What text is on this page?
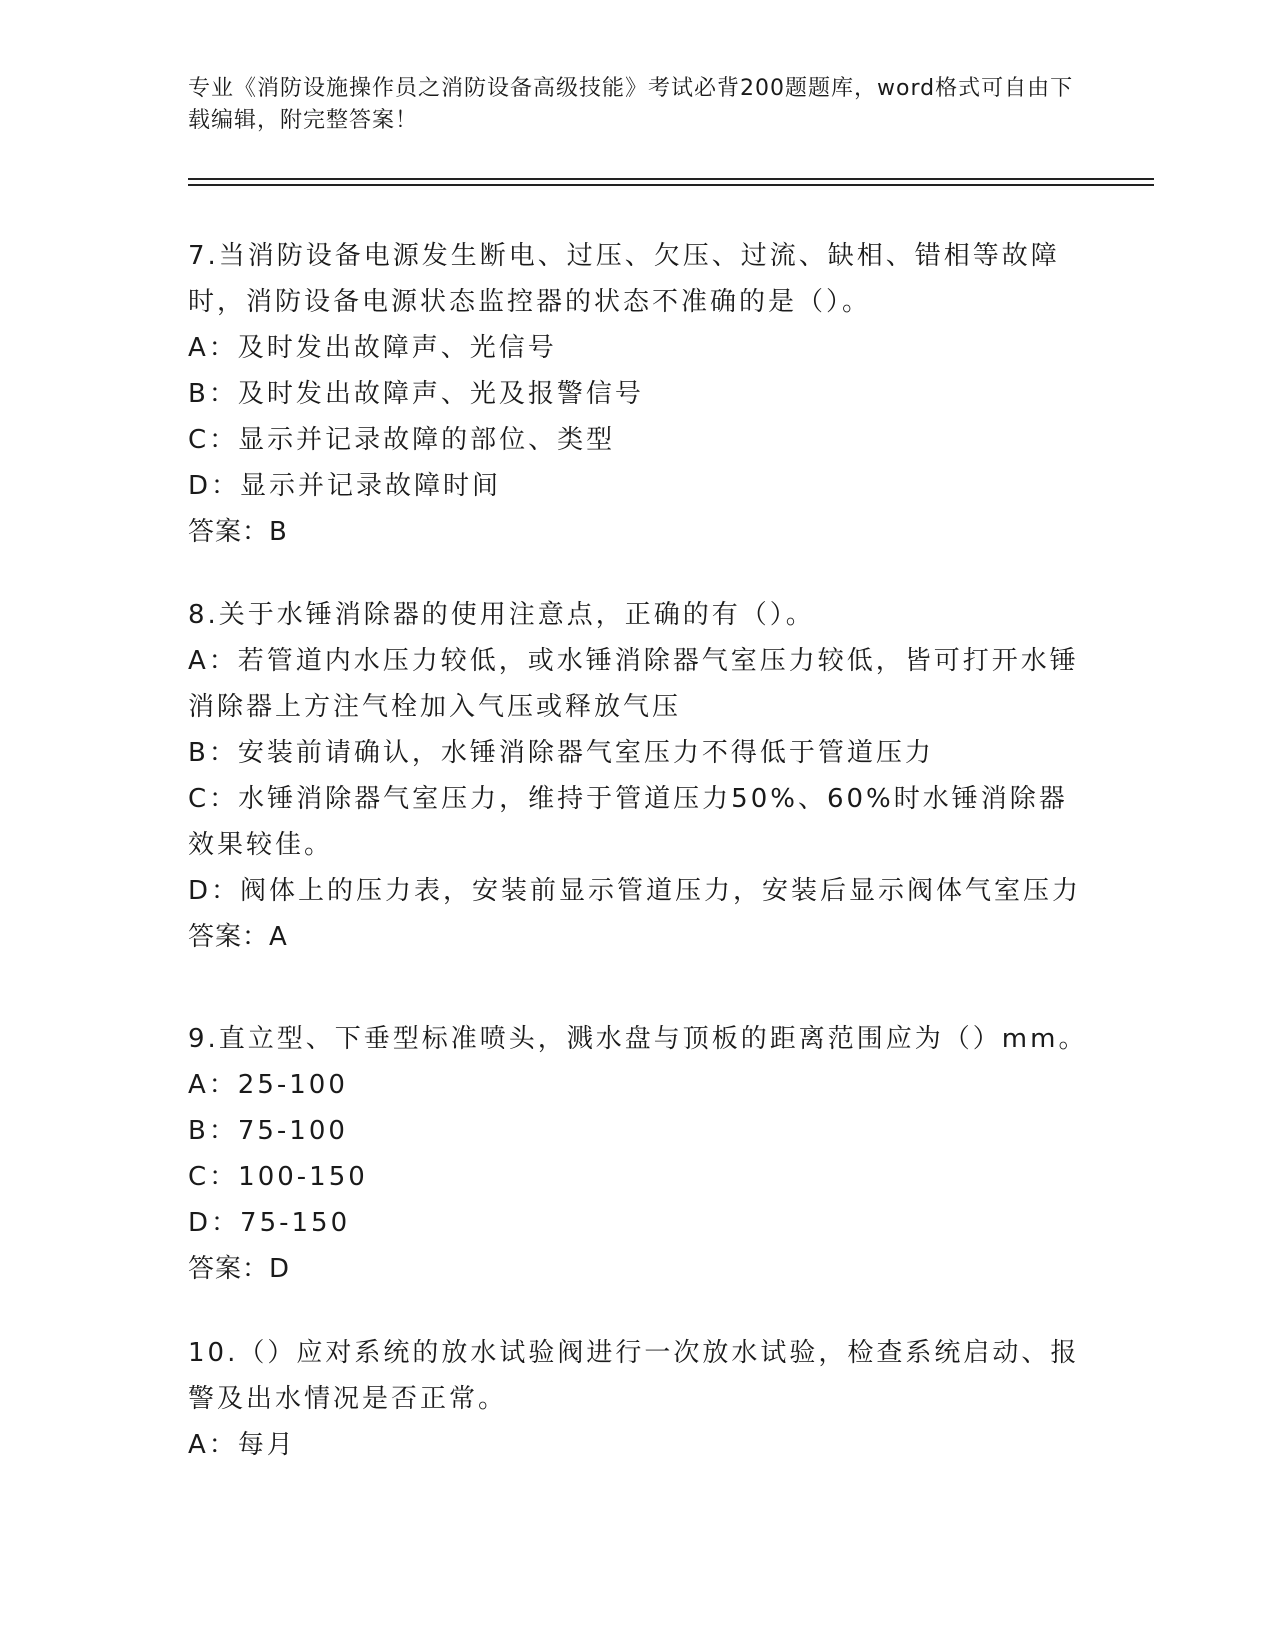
专业《消防设施操作员之消防设备高级技能》考试必背200题题库，word格式可自由下载编辑，附完整答案！

7.当消防设备电源发生断电、过压、欠压、过流、缺相、错相等故障时，消防设备电源状态监控器的状态不准确的是（）。

A：及时发出故障声、光信号

B：及时发出故障声、光及报警信号

C：显示并记录故障的部位、类型

D：显示并记录故障时间

答案：B

8.关于水锤消除器的使用注意点，正确的有（）。

A：若管道内水压力较低，或水锤消除器气室压力较低，皆可打开水锤消除器上方注气栓加入气压或释放气压

B：安装前请确认，水锤消除器气室压力不得低于管道压力

C：水锤消除器气室压力，维持于管道压力50%、60%时水锤消除器效果较佳。

D：阀体上的压力表，安装前显示管道压力，安装后显示阀体气室压力

答案：A

9.直立型、下垂型标准喷头，溅水盘与顶板的距离范围应为（）mm。

A：25-100

B：75-100

C：100-150

D：75-150

答案：D

10.（）应对系统的放水试验阀进行一次放水试验，检查系统启动、报警及出水情况是否正常。

A：每月
